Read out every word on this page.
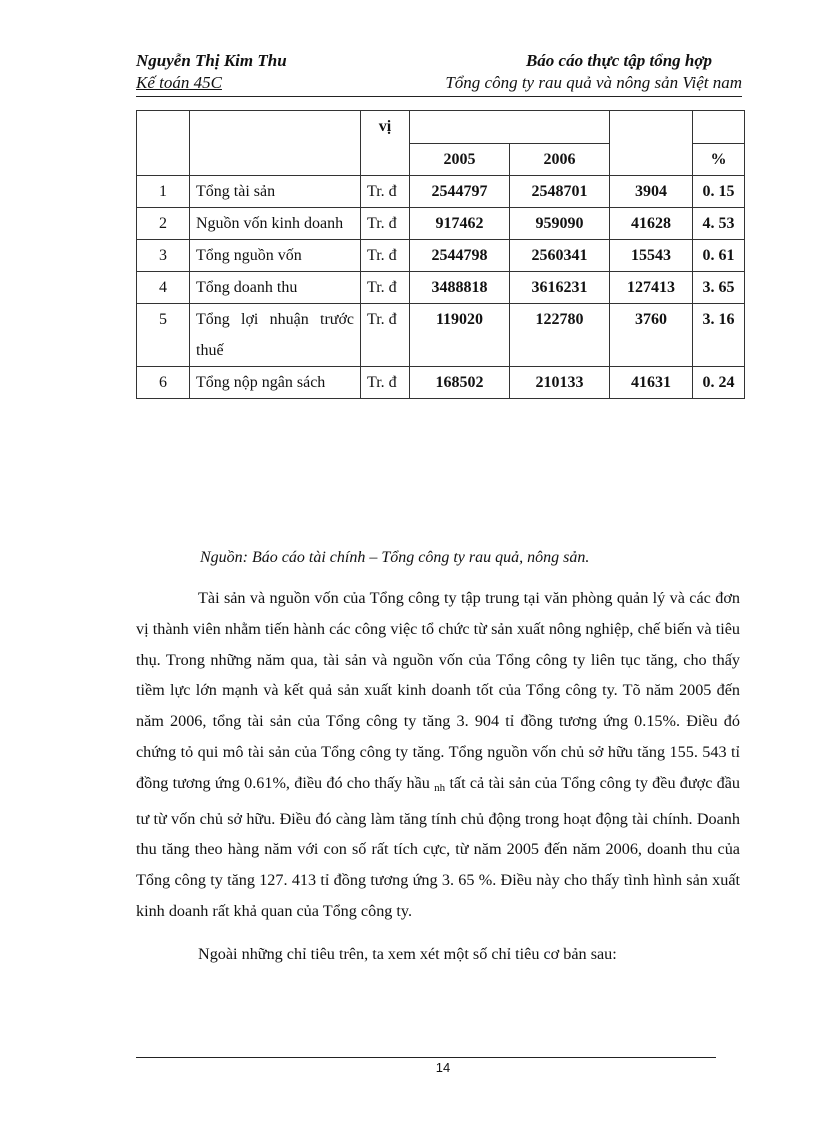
Nguyễn Thị Kim Thu	Báo cáo thực tập tổng hợp
Kế toán 45C	Tổng công ty rau quả và nông sản Việt nam
		vị				
			2005	2006		%
1	Tổng tài sản	Tr. đ	2544797	2548701	3904	0. 15
2	Nguồn vốn kinh doanh	Tr. đ	917462	959090	41628	4. 53
3	Tổng nguồn vốn	Tr. đ	2544798	2560341	15543	0. 61
4	Tổng doanh thu	Tr. đ	3488818	3616231	127413	3. 65
5	Tổng lợi nhuận trước thuế	Tr. đ	119020	122780	3760	3. 16
6	Tổng nộp ngân sách	Tr. đ	168502	210133	41631	0. 24
Nguồn: Báo cáo tài chính – Tổng công ty rau quả, nông sản.

Tài sản và nguồn vốn của Tổng công ty tập trung tại văn phòng quản lý và các đơn vị thành viên nhằm tiến hành các công việc tổ chức từ sản xuất nông nghiệp, chế biến và tiêu thụ. Trong những năm qua, tài sản và nguồn vốn của Tổng công ty liên tục tăng, cho thấy tiềm lực lớn mạnh và kết quả sản xuất kinh doanh tốt của Tổng công ty. Tõ năm 2005 đến năm 2006, tổng tài sản của Tổng công ty tăng 3. 904 tỉ đồng tương ứng 0.15%. Điều đó chứng tỏ qui mô tài sản của Tổng công ty tăng. Tổng nguồn vốn chủ sở hữu tăng 155. 543 tỉ đồng tương ứng 0.61%, điều đó cho thấy hầu $_{nh}$ tất cả tài sản của Tổng công ty đều được đầu tư từ vốn chủ sở hữu. Điều đó càng làm tăng tính chủ động trong hoạt động tài chính. Doanh thu tăng theo hàng năm với con số rất tích cực, từ năm 2005 đến năm 2006, doanh thu của Tổng công ty tăng 127. 413 tỉ đồng tương ứng 3. 65 %. Điều này cho thấy tình hình sản xuất kinh doanh rất khả quan của Tổng công ty.

Ngoài những chỉ tiêu trên, ta xem xét một số chỉ tiêu cơ bản sau:

14
